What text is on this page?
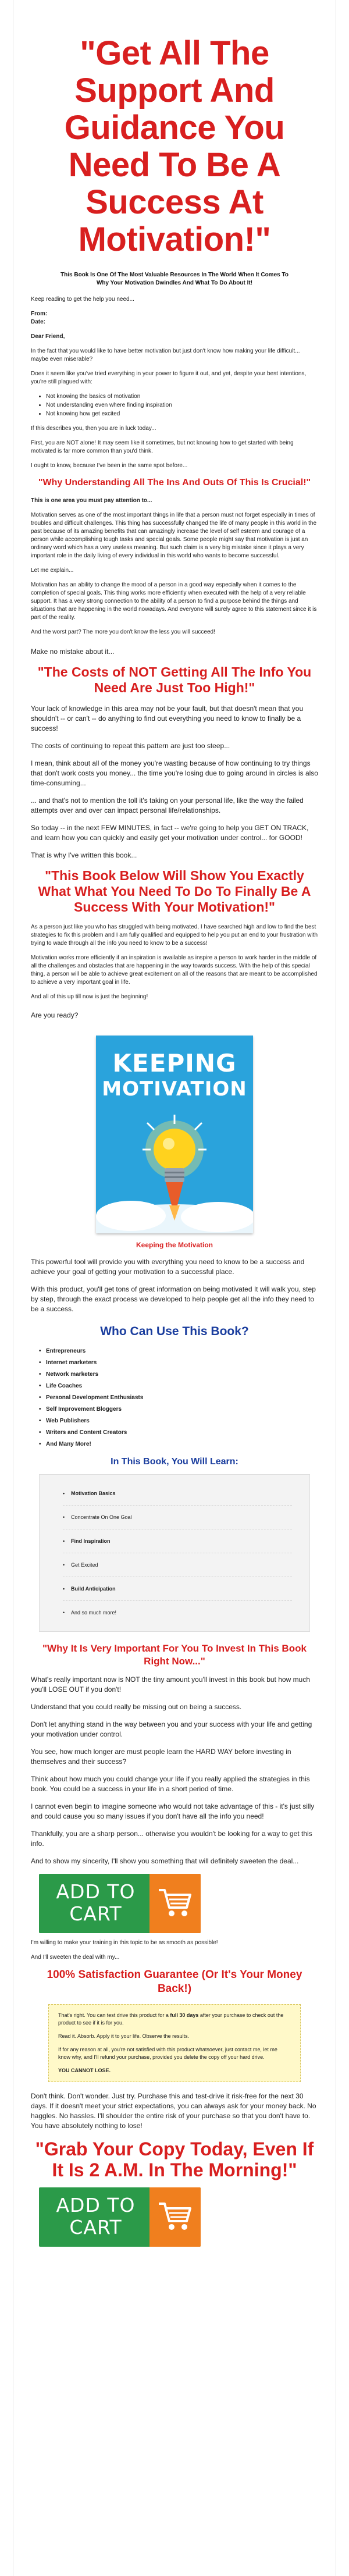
"Get All The Support And Guidance You Need To Be A Success At Motivation!"

This Book Is One Of The Most Valuable Resources In The World When It Comes To Why Your Motivation Dwindles And What To Do About It!

Keep reading to get the help you need...

From:

Date:

Dear Friend,

In the fact that you would like to have better motivation but just don't know how making your life difficult... maybe even miserable?

Does it seem like you've tried everything in your power to figure it out, and yet, despite your best intentions, you're still plagued with:

• Not knowing the basics of motivation
• Not understanding even where finding inspiration
• Not knowing how get excited

If this describes you, then you are in luck today...

First, you are NOT alone! It may seem like it sometimes, but not knowing how to get started with being motivated is far more common than you'd think.

I ought to know, because I've been in the same spot before...

"Why Understanding All The Ins And Outs Of This Is Crucial!"

This is one area you must pay attention to...

Motivation serves as one of the most important things in life that a person must not forget especially in times of troubles and difficult challenges. This thing has successfully changed the life of many people in this world in the past because of its amazing benefits that can amazingly increase the level of self esteem and courage of a person while accomplishing tough tasks and special goals. Some people might say that motivation is just an ordinary word which has a very useless meaning. But such claim is a very big mistake since it plays a very important role in the daily living of every individual in this world who wants to become successful.

Let me explain...

Motivation has an ability to change the mood of a person in a good way especially when it comes to the completion of special goals. This thing works more efficiently when executed with the help of a very reliable support. It has a very strong connection to the ability of a person to find a purpose behind the things and situations that are happening in the world nowadays. And everyone will surely agree to this statement since it is part of the reality.

And the worst part? The more you don't know the less you will succeed!

Make no mistake about it...

"The Costs of NOT Getting All The Info You Need Are Just Too High!"

Your lack of knowledge in this area may not be your fault, but that doesn't mean that you shouldn't -- or can't -- do anything to find out everything you need to know to finally be a success!

The costs of continuing to repeat this pattern are just too steep...

I mean, think about all of the money you're wasting because of how continuing to try things that don't work costs you money... the time you're losing due to going around in circles is also time-consuming...

... and that's not to mention the toll it's taking on your personal life, like the way the failed attempts over and over can impact personal life/relationships.

So today -- in the next FEW MINUTES, in fact -- we're going to help you GET ON TRACK, and learn how you can quickly and easily get your motivation under control... for GOOD!

That is why I've written this book...

"This Book Below Will Show You Exactly What What You Need To Do To Finally Be A Success With Your Motivation!"

As a person just like you who has struggled with being motivated, I have searched high and low to find the best strategies to fix this problem and I am fully qualified and equipped to help you put an end to your frustration with trying to wade through all the info you need to know to be a success!

Motivation works more efficiently if an inspiration is available as inspire a person to work harder in the middle of all the challenges and obstacles that are happening in the way towards success. With the help of this special thing, a person will be able to achieve great excitement on all of the reasons that are meant to be accomplished to achieve a very important goal in life.

And all of this up till now is just the beginning!

Are you ready?

KEEPING
MOTIVATION

Keeping the Motivation

This powerful tool will provide you with everything you need to know to be a success and achieve your goal of getting your motivation to a successful place.

With this product, you'll get tons of great information on being motivated It will walk you, step by step, through the exact process we developed to help people get all the info they need to be a success.

Who Can Use This Book?
• Entrepreneurs
• Internet marketers
• Network marketers
• Life Coaches
• Personal Development Enthusiasts
• Self Improvement Bloggers
• Web Publishers
• Writers and Content Creators
• And Many More!
In This Book, You Will Learn:
• Motivation Basics
• Concentrate On One Goal
• Find Inspiration
• Get Excited
• Build Anticipation
• And so much more!
"Why It Is Very Important For You To Invest In This Book Right Now..."

What's really important now is NOT the tiny amount you'll invest in this book but how much you'll LOSE OUT if you don't!

Understand that you could really be missing out on being a success.

Don't let anything stand in the way between you and your success with your life and getting your motivation under control.

You see, how much longer are must people learn the HARD WAY before investing in themselves and their success?

Think about how much you could change your life if you really applied the strategies in this book. You could be a success in your life in a short period of time.

I cannot even begin to imagine someone who would not take advantage of this - it's just silly and could cause you so many issues if you don't have all the info you need!

Thankfully, you are a sharp person... otherwise you wouldn't be looking for a way to get this info.

And to show my sincerity, I'll show you something that will definitely sweeten the deal...

ADD TO CART

I'm willing to make your training in this topic to be as smooth as possible!

And I'll sweeten the deal with my...

100% Satisfaction Guarantee (Or It's Your Money Back!)

That's right. You can test drive this product for a full 30 days after your purchase to check out the product to see if it is for you.

Read it. Absorb. Apply it to your life. Observe the results.

If for any reason at all, you're not satisfied with this product whatsoever, just contact me, let me know why, and I'll refund your purchase, provided you delete the copy off your hard drive.

YOU CANNOT LOSE.

Don't think. Don't wonder. Just try. Purchase this and test-drive it risk-free for the next 30 days. If it doesn't meet your strict expectations, you can always ask for your money back. No haggles. No hassles. I'll shoulder the entire risk of your purchase so that you don't have to. You have absolutely nothing to lose!

"Grab Your Copy Today, Even If It Is 2 A.M. In The Morning!"
ADD TO CART
